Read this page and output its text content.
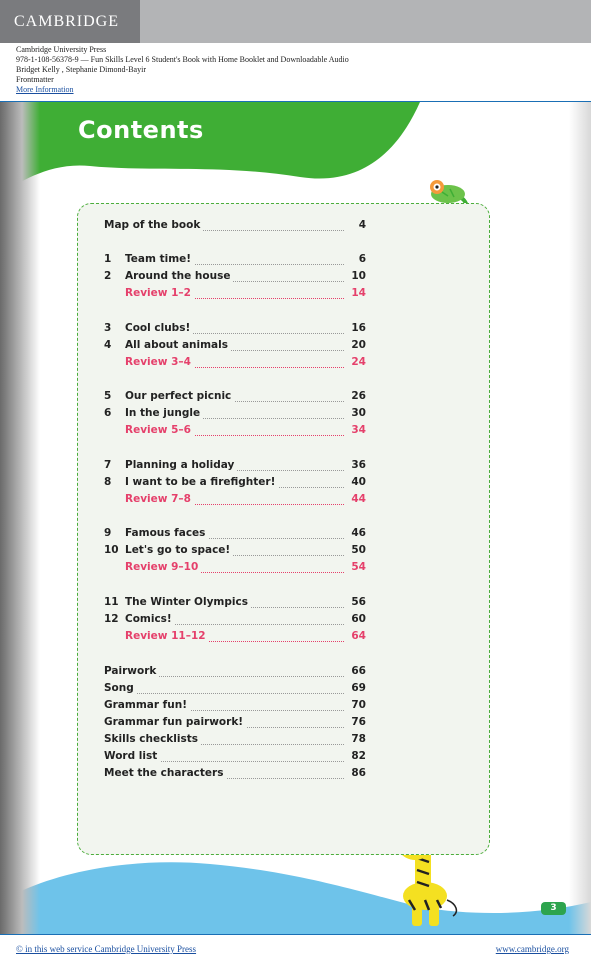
CAMBRIDGE
Cambridge University Press
978-1-108-56378-9 — Fun Skills Level 6 Student's Book with Home Booklet and Downloadable Audio
Bridget Kelly , Stephanie Dimond-Bayir
Frontmatter
More Information
Contents
Map of the book	4
1	Team time!	6
2	Around the house	10
Review 1–2	14
3	Cool clubs!	16
4	All about animals	20
Review 3–4	24
5	Our perfect picnic	26
6	In the jungle	30
Review 5–6	34
7	Planning a holiday	36
8	I want to be a firefighter!	40
Review 7–8	44
9	Famous faces	46
10 Let's go to space!	50
Review 9–10	54
11 The Winter Olympics	56
12 Comics!	60
Review 11–12	64
Pairwork	66
Song	69
Grammar fun!	70
Grammar fun pairwork!	76
Skills checklists	78
Word list	82
Meet the characters	86
3
© in this web service Cambridge University Press	www.cambridge.org
